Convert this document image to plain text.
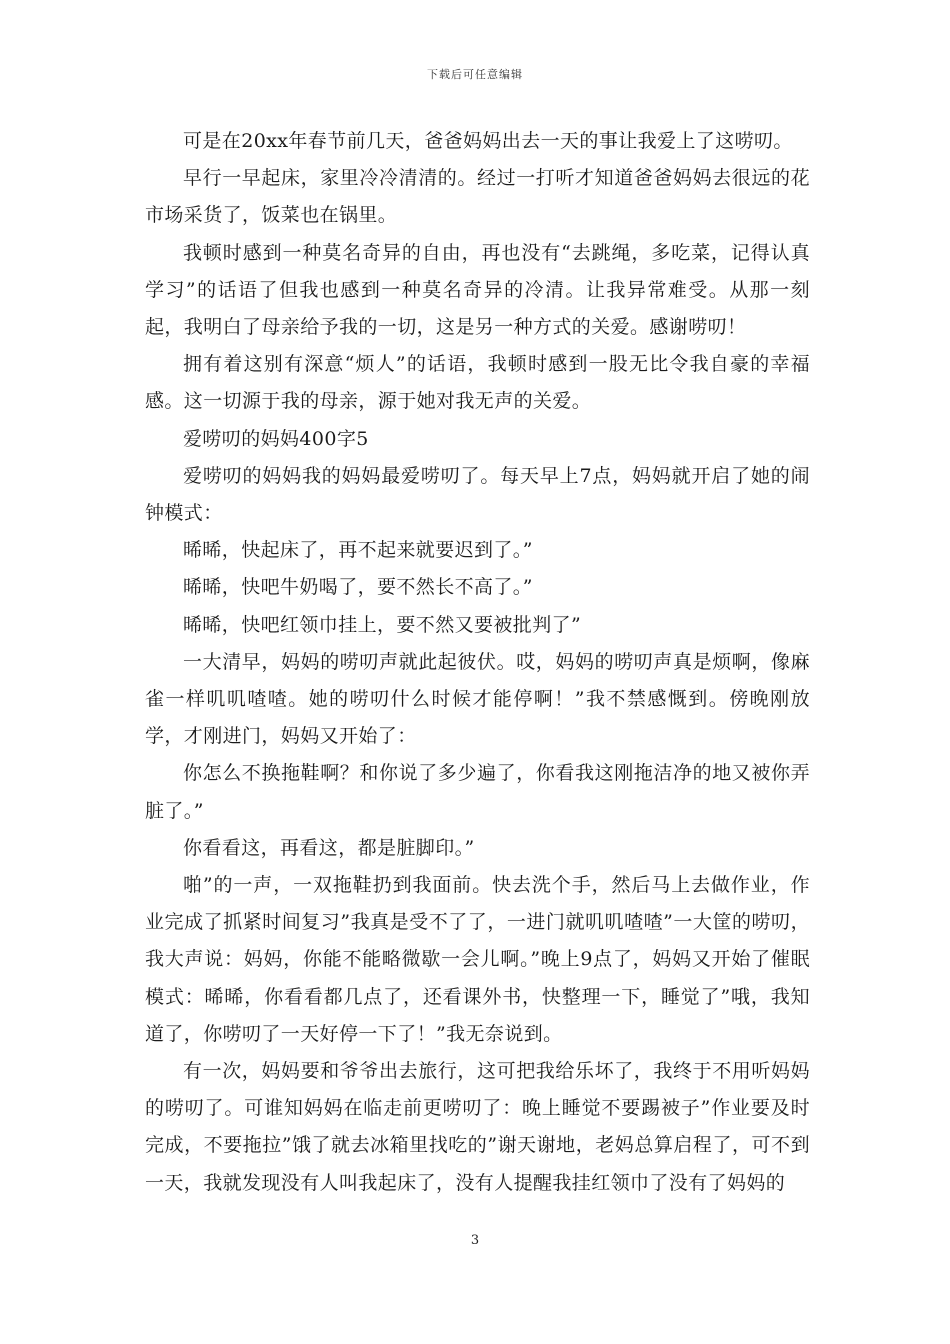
下载后可任意编辑

可是在20xx年春节前几天，爸爸妈妈出去一天的事让我爱上了这唠叨。

早行一早起床，家里冷冷清清的。经过一打听才知道爸爸妈妈去很远的花市场采货了，饭菜也在锅里。

我顿时感到一种莫名奇异的自由，再也没有“去跳绳，多吃菜，记得认真学习”的话语了但我也感到一种莫名奇异的冷清。让我异常难受。从那一刻起，我明白了母亲给予我的一切，这是另一种方式的关爱。感谢唠叨！

拥有着这别有深意“烦人”的话语，我顿时感到一股无比令我自豪的幸福感。这一切源于我的母亲，源于她对我无声的关爱。

爱唠叨的妈妈400字5

爱唠叨的妈妈我的妈妈最爱唠叨了。每天早上7点，妈妈就开启了她的闹钟模式：

晞晞，快起床了，再不起来就要迟到了。”

晞晞，快吧牛奶喝了，要不然长不高了。”

晞晞，快吧红领巾挂上，要不然又要被批判了”

一大清早，妈妈的唠叨声就此起彼伏。哎，妈妈的唠叨声真是烦啊，像麻雀一样叽叽喳喳。她的唠叨什么时候才能停啊！”我不禁感慨到。傍晚刚放学，才刚进门，妈妈又开始了：

你怎么不换拖鞋啊？和你说了多少遍了，你看我这刚拖洁净的地又被你弄脏了。”

你看看这，再看这，都是脏脚印。”

啪”的一声，一双拖鞋扔到我面前。快去洗个手，然后马上去做作业，作业完成了抓紧时间复习”我真是受不了了，一进门就叽叽喳喳”一大筐的唠叨，我大声说：妈妈，你能不能略微歇一会儿啊。”晚上9点了，妈妈又开始了催眠模式：晞晞，你看看都几点了，还看课外书，快整理一下，睡觉了”哦，我知道了，你唠叨了一天好停一下了！”我无奈说到。

有一次，妈妈要和爷爷出去旅行，这可把我给乐坏了，我终于不用听妈妈的唠叨了。可谁知妈妈在临走前更唠叨了：晚上睡觉不要踢被子”作业要及时完成，不要拖拉”饿了就去冰箱里找吃的”谢天谢地，老妈总算启程了，可不到一天，我就发现没有人叫我起床了，没有人提醒我挂红领巾了没有了妈妈的

3
